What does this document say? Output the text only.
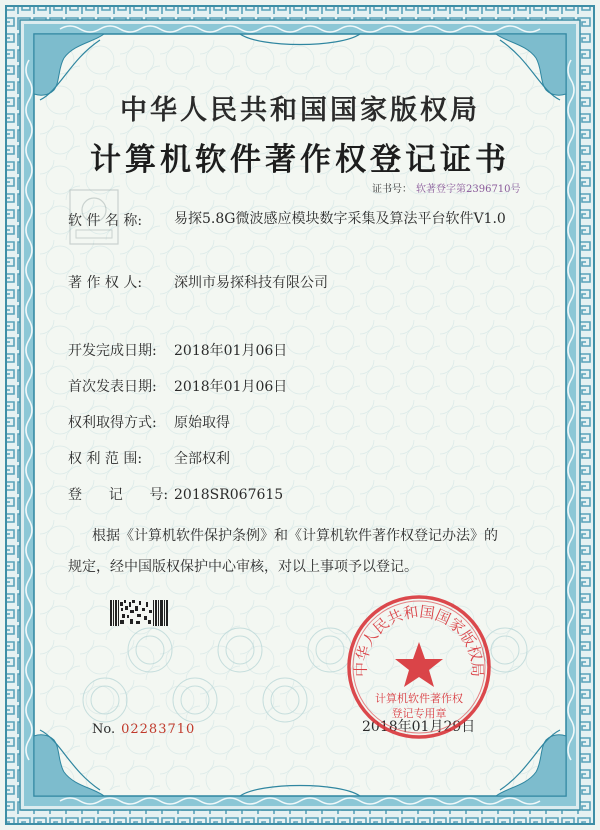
中华人民共和国国家版权局
计算机软件著作权登记证书
证书号： 软著登字第2396710号
软 件 名 称:	易探5.8G微波感应模块数字采集及算法平台软件V1.0
著 作 权 人: 深圳市易探科技有限公司
开发完成日期: 2018年01月06日
首次发表日期: 2018年01月06日
权利取得方式: 原始取得
权 利 范 围: 全部权利
登      记      号: 2018SR067615
根据《计算机软件保护条例》和《计算机软件著作权登记办法》的
规定，经中国版权保护中心审核，对以上事项予以登记。
No. 02283710	2018年01月29日
中华人民共和国国家版权局
计算机软件著作权
登记专用章
